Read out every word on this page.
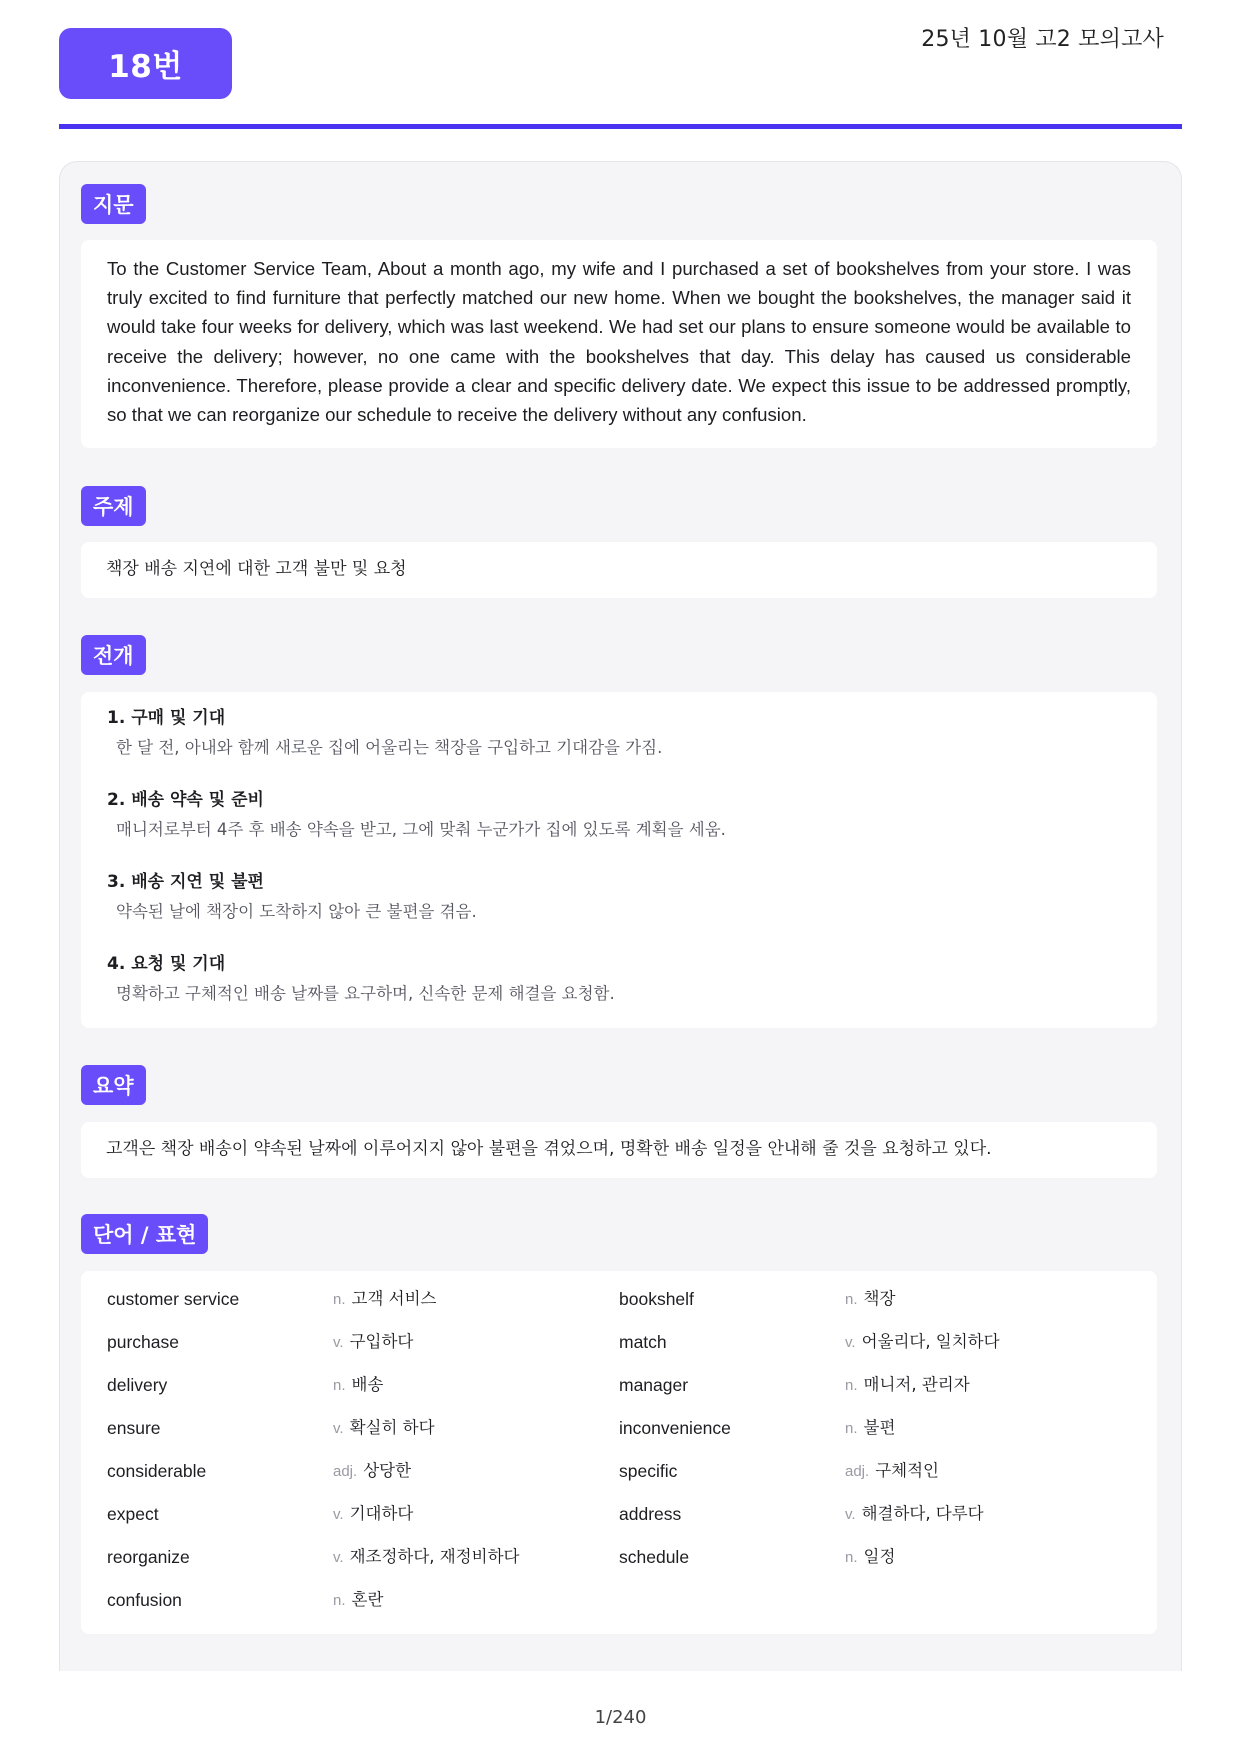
18번
25년 10월 고2 모의고사
지문

To the Customer Service Team, About a month ago, my wife and I purchased a set of bookshelves from your store. I was truly excited to find furniture that perfectly matched our new home. When we bought the bookshelves, the manager said it would take four weeks for delivery, which was last weekend. We had set our plans to ensure someone would be available to receive the delivery; however, no one came with the bookshelves that day. This delay has caused us considerable inconvenience. Therefore, please provide a clear and specific delivery date. We expect this issue to be addressed promptly, so that we can reorganize our schedule to receive the delivery without any confusion.

주제

책장 배송 지연에 대한 고객 불만 및 요청

전개
1. 구매 및 기대
한 달 전, 아내와 함께 새로운 집에 어울리는 책장을 구입하고 기대감을 가짐.
2. 배송 약속 및 준비
매니저로부터 4주 후 배송 약속을 받고, 그에 맞춰 누군가가 집에 있도록 계획을 세움.
3. 배송 지연 및 불편
약속된 날에 책장이 도착하지 않아 큰 불편을 겪음.
4. 요청 및 기대
명확하고 구체적인 배송 날짜를 요구하며, 신속한 문제 해결을 요청함.
요약

고객은 책장 배송이 약속된 날짜에 이루어지지 않아 불편을 겪었으며, 명확한 배송 일정을 안내해 줄 것을 요청하고 있다.

단어 / 표현
customer service	n. 고객 서비스	bookshelf	n. 책장
purchase	v. 구입하다	match	v. 어울리다, 일치하다
delivery	n. 배송	manager	n. 매니저, 관리자
ensure	v. 확실히 하다	inconvenience	n. 불편
considerable	adj. 상당한	specific	adj. 구체적인
expect	v. 기대하다	address	v. 해결하다, 다루다
reorganize	v. 재조정하다, 재정비하다	schedule	n. 일정
confusion	n. 혼란
1/240
